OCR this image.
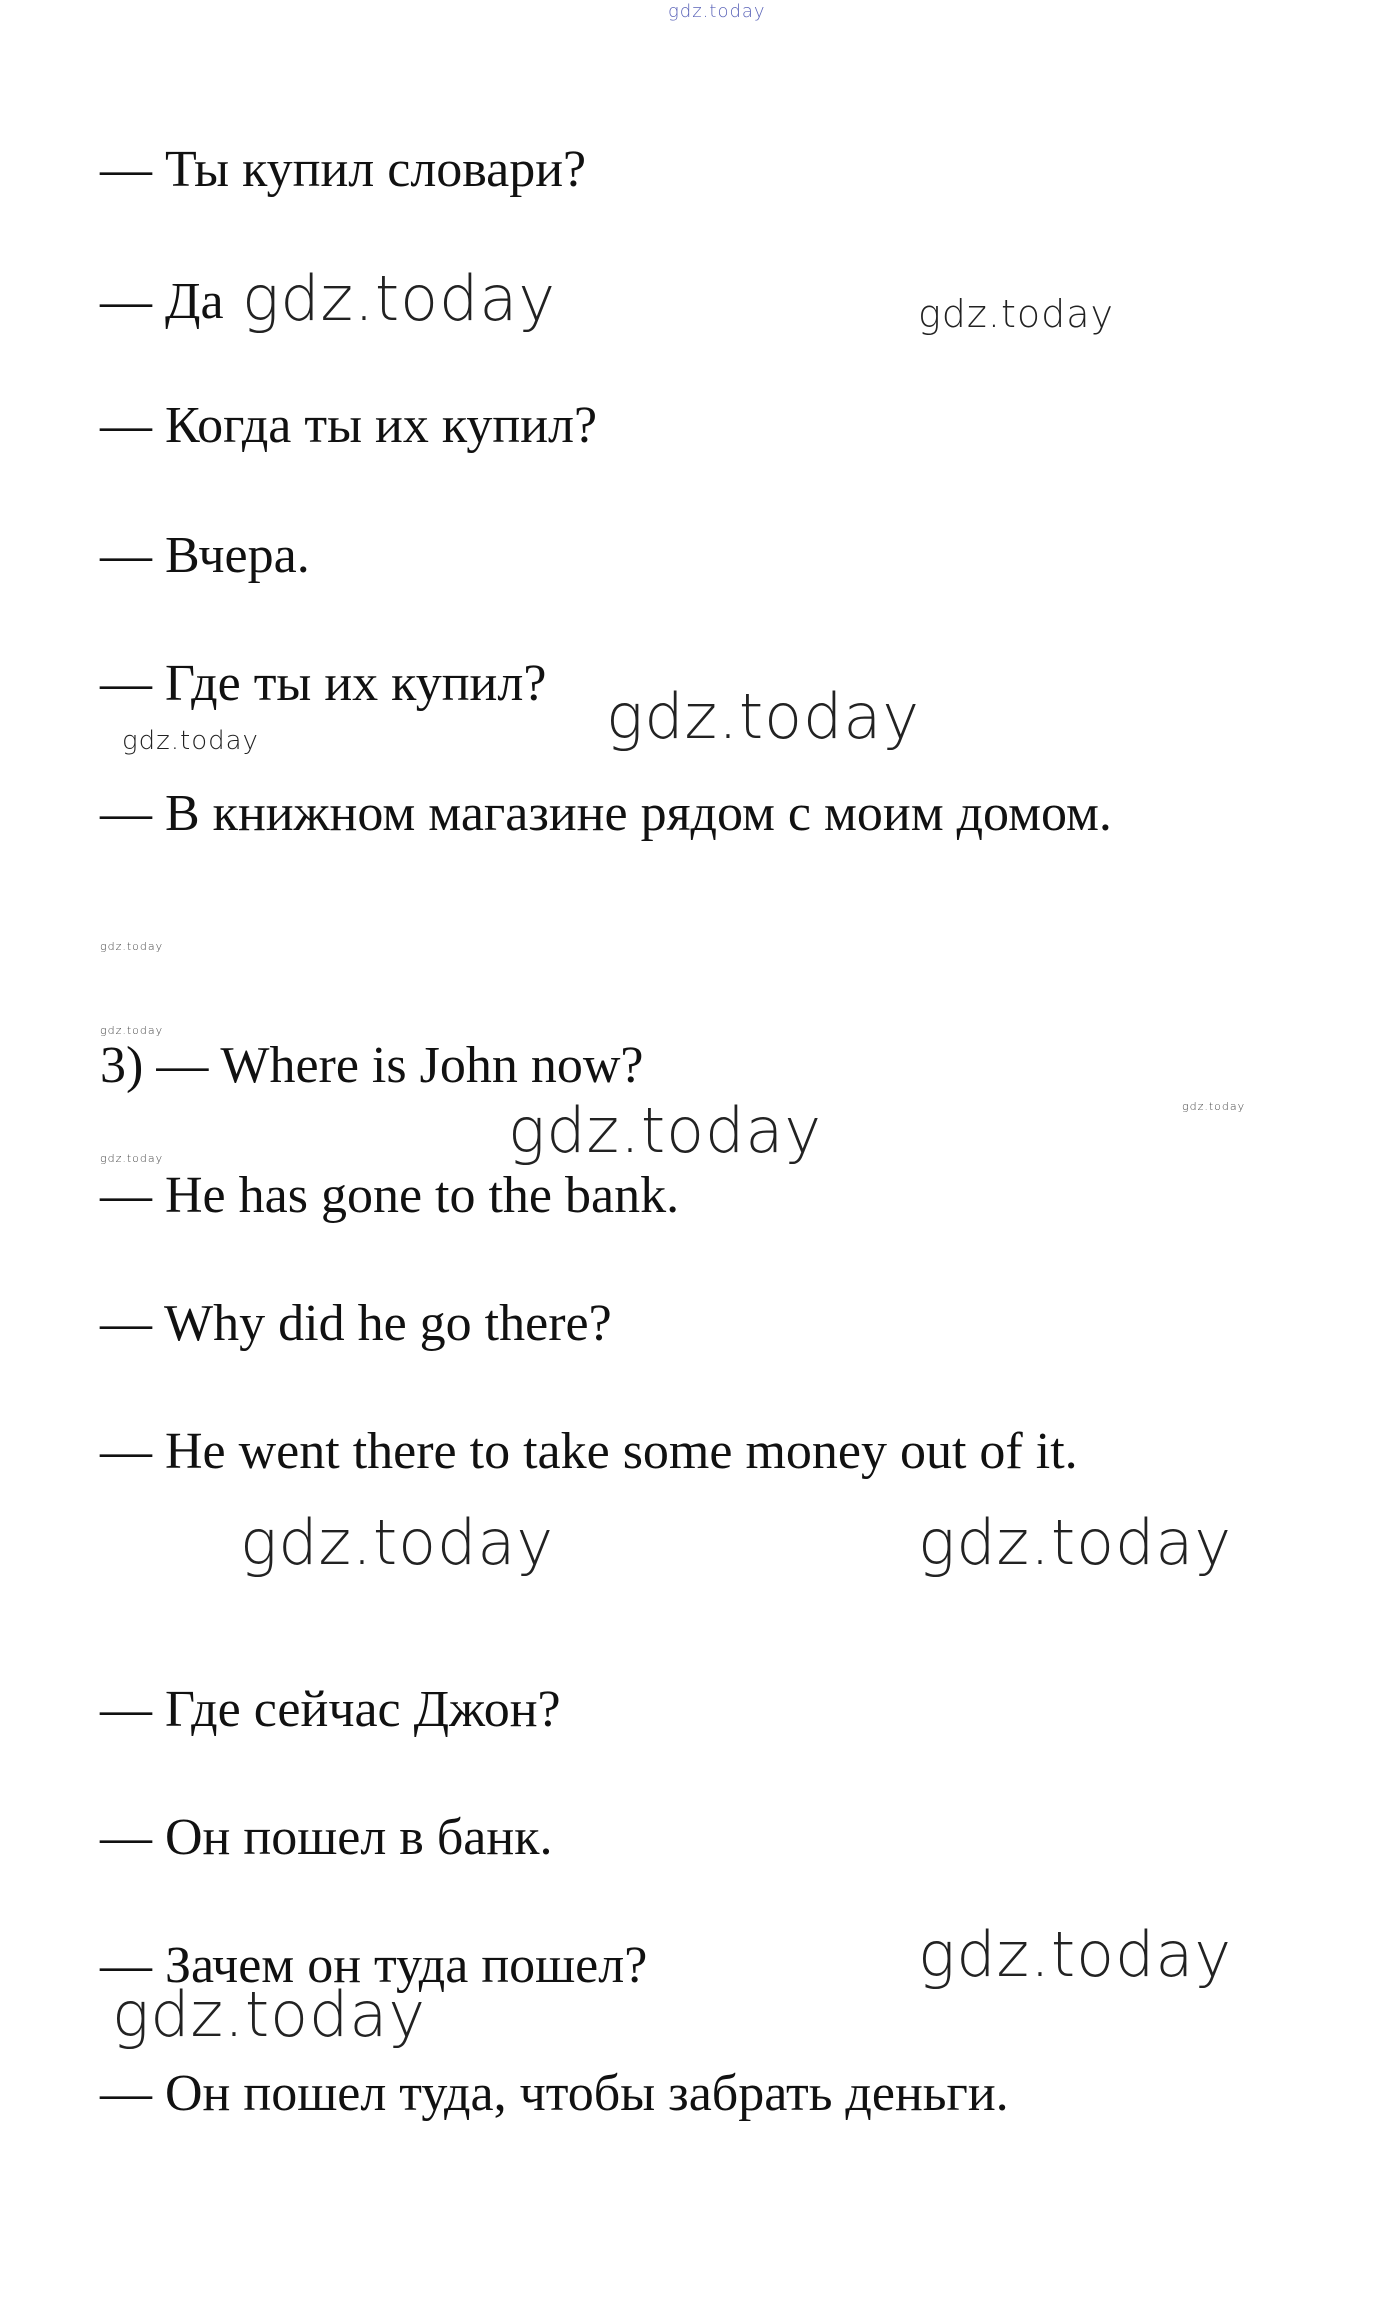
gdz.today
— Ты купил словари?
— Да
— Когда ты их купил?
— Вчера.
— Где ты их купил?
— В книжном магазине рядом с моим домом.
3) — Where is John now?
— He has gone to the bank.
— Why did he go there?
— He went there to take some money out of it.
— Где сейчас Джон?
— Он пошел в банк.
— Зачем он туда пошел?
— Он пошел туда, чтобы забрать деньги.
gdz.today	gdz.today
gdz.today
gdz.today
gdz.today
gdz.today
gdz.today
gdz.today
gdz.today
gdz.today	gdz.today
gdz.today
gdz.today
